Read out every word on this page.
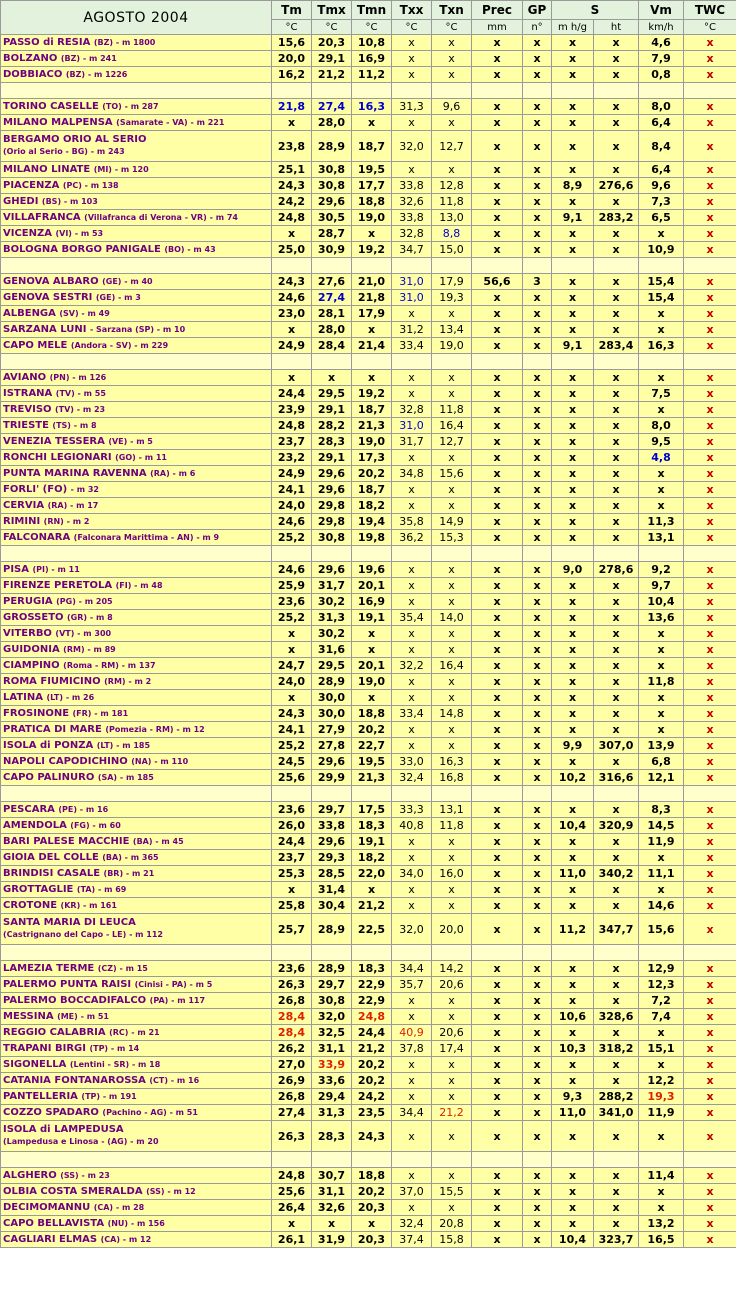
AGOSTO 2004	Tm	Tmx	Tmn	Txx	Txn	Prec	GP	S		Vm	TWC
	°C	°C	°C	°C	°C	mm	n°	m h/g	ht	km/h	°C
PASSO di RESIA (BZ) - m 1800	15,6	20,3	10,8	x	x	x	x	x	x	4,6	x
BOLZANO (BZ) - m 241	20,0	29,1	16,9	x	x	x	x	x	x	7,9	x
DOBBIACO (BZ) - m 1226	16,2	21,2	11,2	x	x	x	x	x	x	0,8	x

TORINO CASELLE (TO) - m 287	21,8	27,4	16,3	31,3	9,6	x	x	x	x	8,0	x
MILANO MALPENSA (Samarate - VA) - m 221	x	28,0	x	x	x	x	x	x	x	6,4	x
BERGAMO ORIO AL SERIO
(Orio al Serio - BG) - m 243	23,8	28,9	18,7	32,0	12,7	x	x	x	x	8,4	x
MILANO LINATE (MI) - m 120	25,1	30,8	19,5	x	x	x	x	x	x	6,4	x
PIACENZA (PC) - m 138	24,3	30,8	17,7	33,8	12,8	x	x	8,9	276,6	9,6	x
GHEDI (BS) - m 103	24,2	29,6	18,8	32,6	11,8	x	x	x	x	7,3	x
VILLAFRANCA (Villafranca di Verona - VR) - m 74	24,8	30,5	19,0	33,8	13,0	x	x	9,1	283,2	6,5	x
VICENZA (VI) - m 53	x	28,7	x	32,8	8,8	x	x	x	x	x	x
BOLOGNA BORGO PANIGALE (BO) - m 43	25,0	30,9	19,2	34,7	15,0	x	x	x	x	10,9	x

GENOVA ALBARO (GE) - m 40	24,3	27,6	21,0	31,0	17,9	56,6	3	x	x	15,4	x
GENOVA SESTRI (GE) - m 3	24,6	27,4	21,8	31,0	19,3	x	x	x	x	15,4	x
ALBENGA (SV) - m 49	23,0	28,1	17,9	x	x	x	x	x	x	x	x
SARZANA LUNI - Sarzana (SP) - m 10	x	28,0	x	31,2	13,4	x	x	x	x	x	x
CAPO MELE (Andora - SV) - m 229	24,9	28,4	21,4	33,4	19,0	x	x	9,1	283,4	16,3	x

AVIANO (PN) - m 126	x	x	x	x	x	x	x	x	x	x	x
ISTRANA (TV) - m 55	24,4	29,5	19,2	x	x	x	x	x	x	7,5	x
TREVISO (TV) - m 23	23,9	29,1	18,7	32,8	11,8	x	x	x	x	x	x
TRIESTE (TS) - m 8	24,8	28,2	21,3	31,0	16,4	x	x	x	x	8,0	x
VENEZIA TESSERA (VE) - m 5	23,7	28,3	19,0	31,7	12,7	x	x	x	x	9,5	x
RONCHI LEGIONARI (GO) - m 11	23,2	29,1	17,3	x	x	x	x	x	x	4,8	x
PUNTA MARINA RAVENNA (RA) - m 6	24,9	29,6	20,2	34,8	15,6	x	x	x	x	x	x
FORLI' (FO) - m 32	24,1	29,6	18,7	x	x	x	x	x	x	x	x
CERVIA (RA) - m 17	24,0	29,8	18,2	x	x	x	x	x	x	x	x
RIMINI (RN) - m 2	24,6	29,8	19,4	35,8	14,9	x	x	x	x	11,3	x
FALCONARA (Falconara Marittima - AN) - m 9	25,2	30,8	19,8	36,2	15,3	x	x	x	x	13,1	x

PISA (PI) - m 11	24,6	29,6	19,6	x	x	x	x	9,0	278,6	9,2	x
FIRENZE PERETOLA (FI) - m 48	25,9	31,7	20,1	x	x	x	x	x	x	9,7	x
PERUGIA (PG) - m 205	23,6	30,2	16,9	x	x	x	x	x	x	10,4	x
GROSSETO (GR) - m 8	25,2	31,3	19,1	35,4	14,0	x	x	x	x	13,6	x
VITERBO (VT) - m 300	x	30,2	x	x	x	x	x	x	x	x	x
GUIDONIA (RM) - m 89	x	31,6	x	x	x	x	x	x	x	x	x
CIAMPINO (Roma - RM) - m 137	24,7	29,5	20,1	32,2	16,4	x	x	x	x	x	x
ROMA FIUMICINO (RM) - m 2	24,0	28,9	19,0	x	x	x	x	x	x	11,8	x
LATINA (LT) - m 26	x	30,0	x	x	x	x	x	x	x	x	x
FROSINONE (FR) - m 181	24,3	30,0	18,8	33,4	14,8	x	x	x	x	x	x
PRATICA DI MARE (Pomezia - RM) - m 12	24,1	27,9	20,2	x	x	x	x	x	x	x	x
ISOLA di PONZA (LT) - m 185	25,2	27,8	22,7	x	x	x	x	9,9	307,0	13,9	x
NAPOLI CAPODICHINO (NA) - m 110	24,5	29,6	19,5	33,0	16,3	x	x	x	x	6,8	x
CAPO PALINURO (SA) - m 185	25,6	29,9	21,3	32,4	16,8	x	x	10,2	316,6	12,1	x

PESCARA (PE) - m 16	23,6	29,7	17,5	33,3	13,1	x	x	x	x	8,3	x
AMENDOLA (FG) - m 60	26,0	33,8	18,3	40,8	11,8	x	x	10,4	320,9	14,5	x
BARI PALESE MACCHIE (BA) - m 45	24,4	29,6	19,1	x	x	x	x	x	x	11,9	x
GIOIA DEL COLLE (BA) - m 365	23,7	29,3	18,2	x	x	x	x	x	x	x	x
BRINDISI CASALE (BR) - m 21	25,3	28,5	22,0	34,0	16,0	x	x	11,0	340,2	11,1	x
GROTTAGLIE (TA) - m 69	x	31,4	x	x	x	x	x	x	x	x	x
CROTONE (KR) - m 161	25,8	30,4	21,2	x	x	x	x	x	x	14,6	x
SANTA MARIA DI LEUCA
(Castrignano del Capo - LE) - m 112	25,7	28,9	22,5	32,0	20,0	x	x	11,2	347,7	15,6	x

LAMEZIA TERME (CZ) - m 15	23,6	28,9	18,3	34,4	14,2	x	x	x	x	12,9	x
PALERMO PUNTA RAISI (Cinisi - PA) - m 5	26,3	29,7	22,9	35,7	20,6	x	x	x	x	12,3	x
PALERMO BOCCADIFALCO (PA) - m 117	26,8	30,8	22,9	x	x	x	x	x	x	7,2	x
MESSINA (ME) - m 51	28,4	32,0	24,8	x	x	x	x	10,6	328,6	7,4	x
REGGIO CALABRIA (RC) - m 21	28,4	32,5	24,4	40,9	20,6	x	x	x	x	x	x
TRAPANI BIRGI (TP) - m 14	26,2	31,1	21,2	37,8	17,4	x	x	10,3	318,2	15,1	x
SIGONELLA (Lentini - SR) - m 18	27,0	33,9	20,2	x	x	x	x	x	x	x	x
CATANIA FONTANAROSSA (CT) - m 16	26,9	33,6	20,2	x	x	x	x	x	x	12,2	x
PANTELLERIA (TP) - m 191	26,8	29,4	24,2	x	x	x	x	9,3	288,2	19,3	x
COZZO SPADARO (Pachino - AG) - m 51	27,4	31,3	23,5	34,4	21,2	x	x	11,0	341,0	11,9	x
ISOLA di LAMPEDUSA
(Lampedusa e Linosa - (AG) - m 20	26,3	28,3	24,3	x	x	x	x	x	x	x	x

ALGHERO (SS) - m 23	24,8	30,7	18,8	x	x	x	x	x	x	11,4	x
OLBIA COSTA SMERALDA (SS) - m 12	25,6	31,1	20,2	37,0	15,5	x	x	x	x	x	x
DECIMOMANNU (CA) - m 28	26,4	32,6	20,3	x	x	x	x	x	x	x	x
CAPO BELLAVISTA (NU) - m 156	x	x	x	32,4	20,8	x	x	x	x	13,2	x
CAGLIARI ELMAS (CA) - m 12	26,1	31,9	20,3	37,4	15,8	x	x	10,4	323,7	16,5	x
